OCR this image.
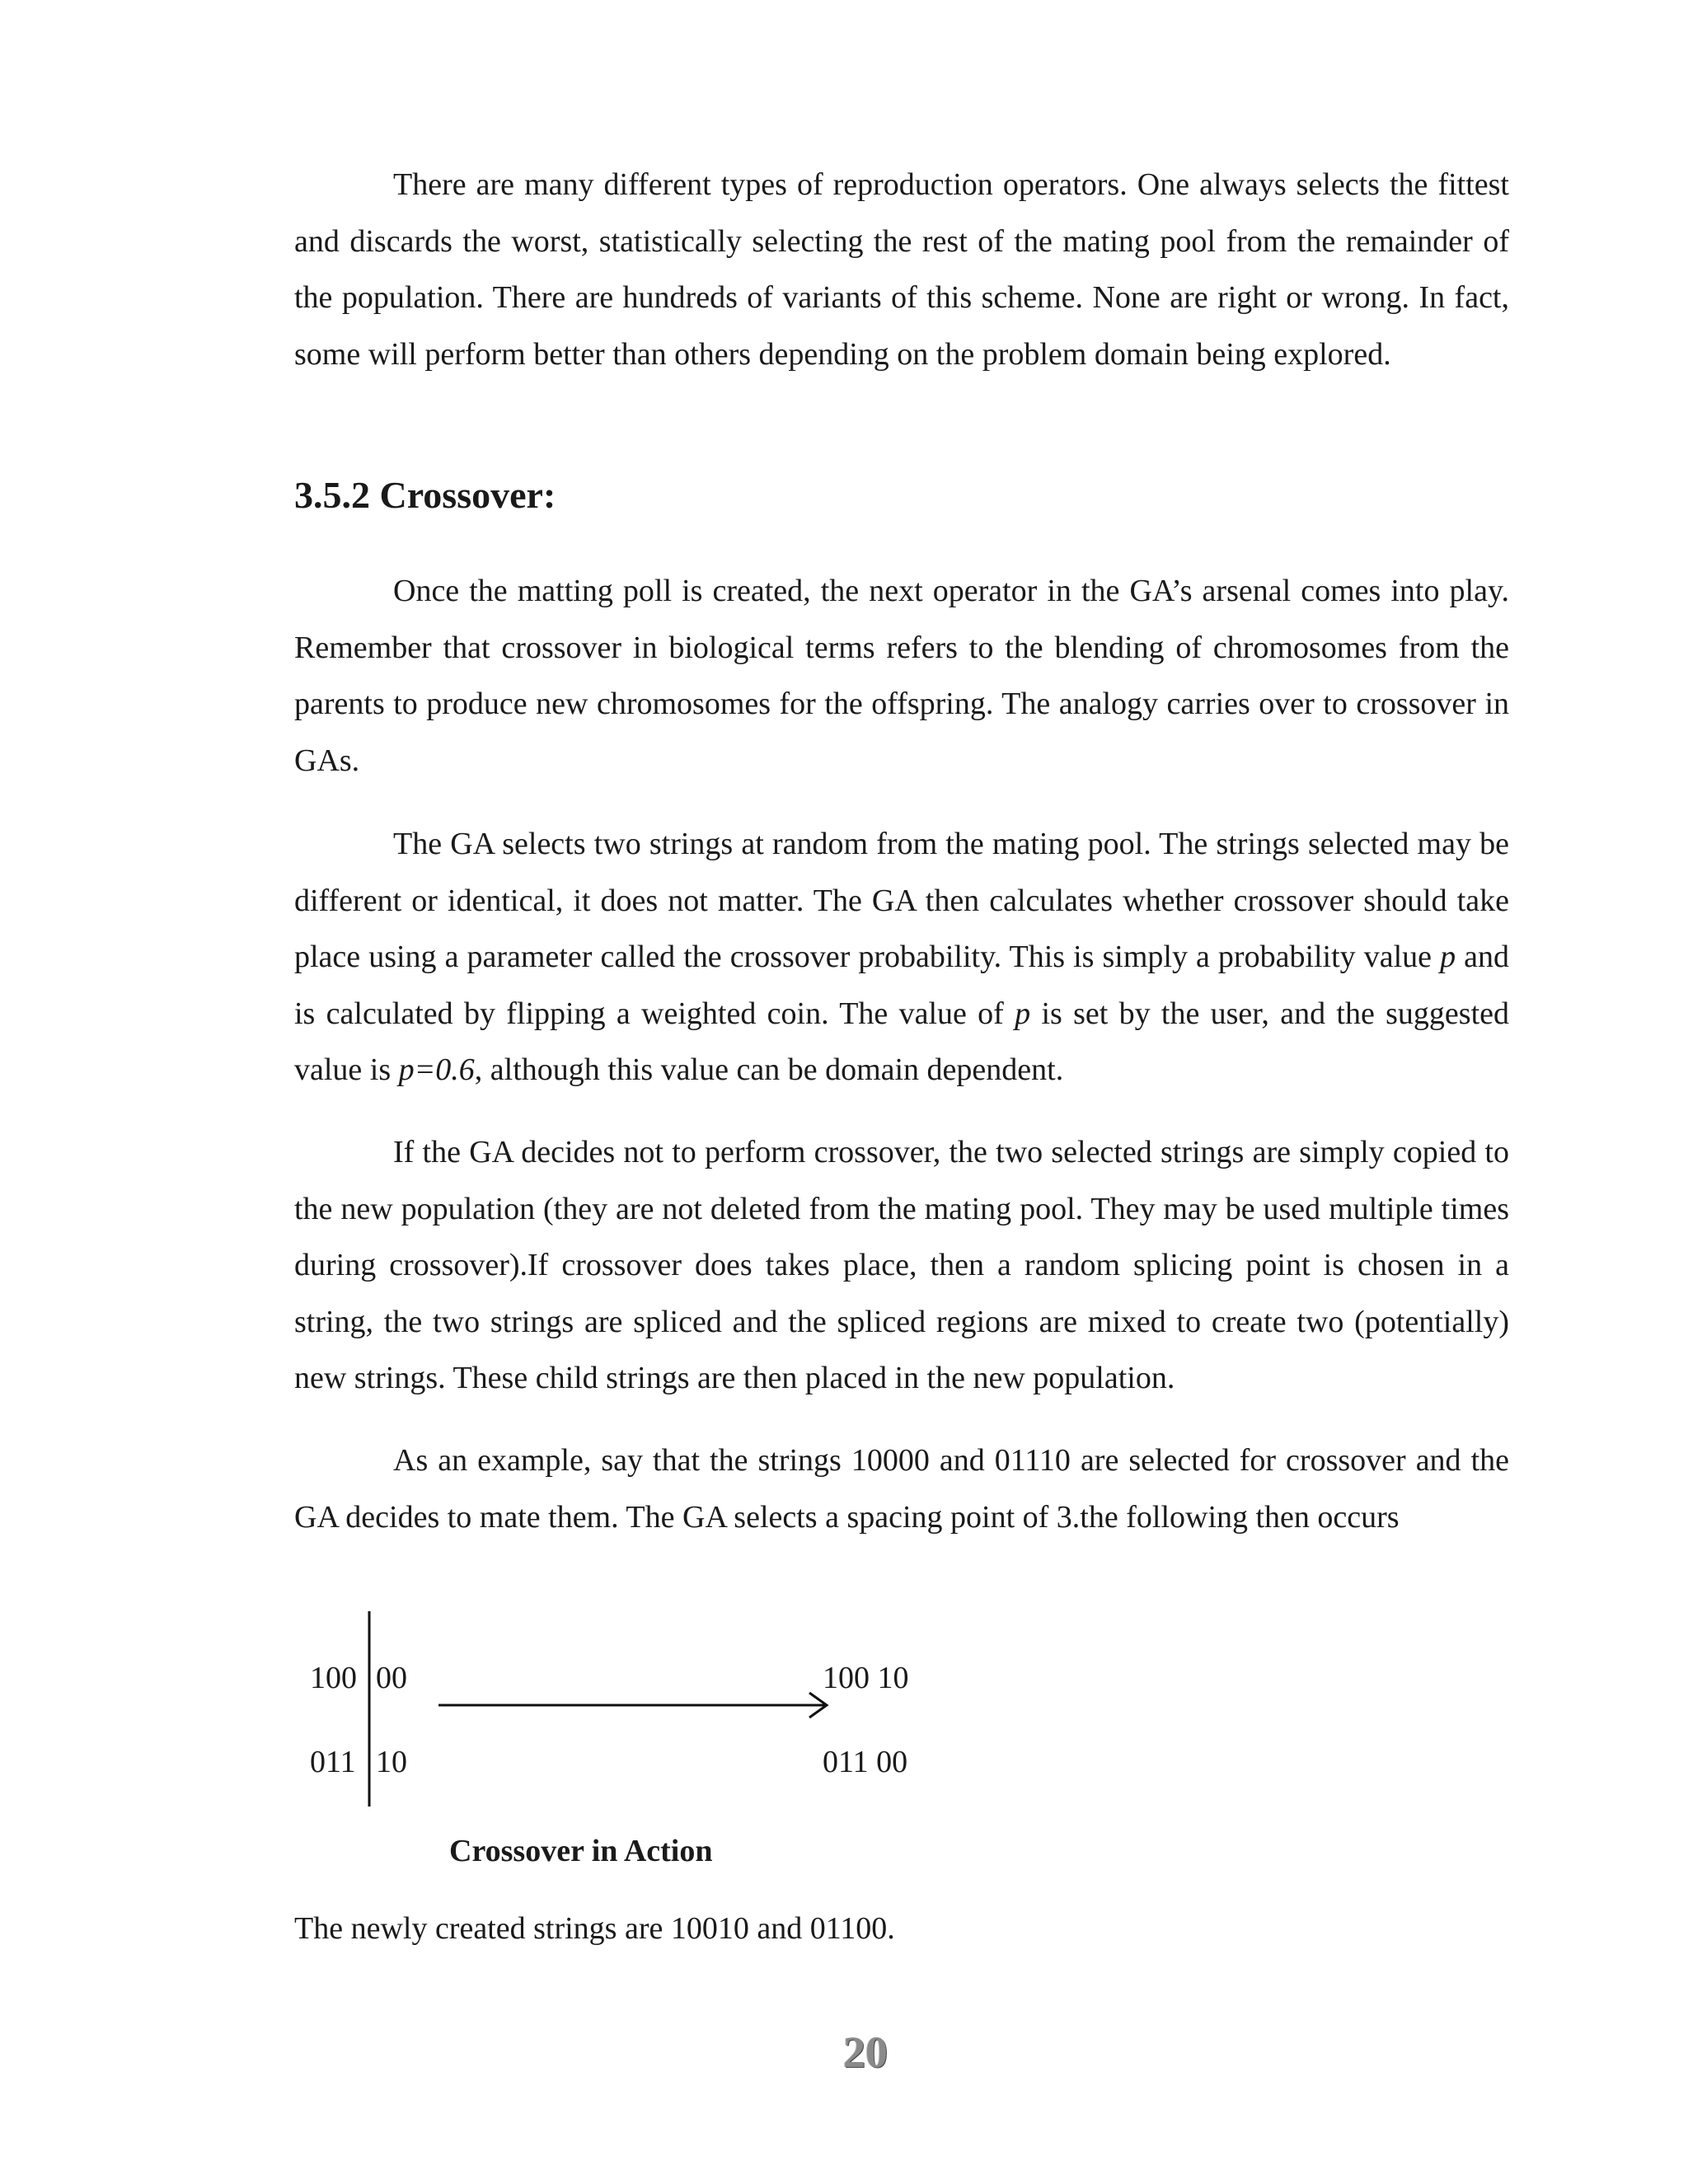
There are many different types of reproduction operators. One always selects the fittest and discards the worst, statistically selecting the rest of the mating pool from the remainder of the population. There are hundreds of variants of this scheme. None are right or wrong. In fact, some will perform better than others depending on the problem domain being explored.

3.5.2 Crossover:

Once the matting poll is created, the next operator in the GA’s arsenal comes into play. Remember that crossover in biological terms refers to the blending of chromosomes from the parents to produce new chromosomes for the offspring. The analogy carries over to crossover in GAs.

The GA selects two strings at random from the mating pool. The strings selected may be different or identical, it does not matter. The GA then calculates whether crossover should take place using a parameter called the crossover probability. This is simply a probability value p and is calculated by flipping a weighted coin. The value of p is set by the user, and the suggested value is p=0.6, although this value can be domain dependent.

If the GA decides not to perform crossover, the two selected strings are simply copied to the new population (they are not deleted from the mating pool. They may be used multiple times during crossover).If crossover does takes place, then a random splicing point is chosen in a string, the two strings are spliced and the spliced regions are mixed to create two (potentially) new strings. These child strings are then placed in the new population.

As an example, say that the strings 10000 and 01110 are selected for crossover and the GA decides to mate them. The GA selects a spacing point of 3.the following then occurs

100 00
011 10
100 10
011 00
Crossover in Action

The newly created strings are 10010 and 01100.

20
